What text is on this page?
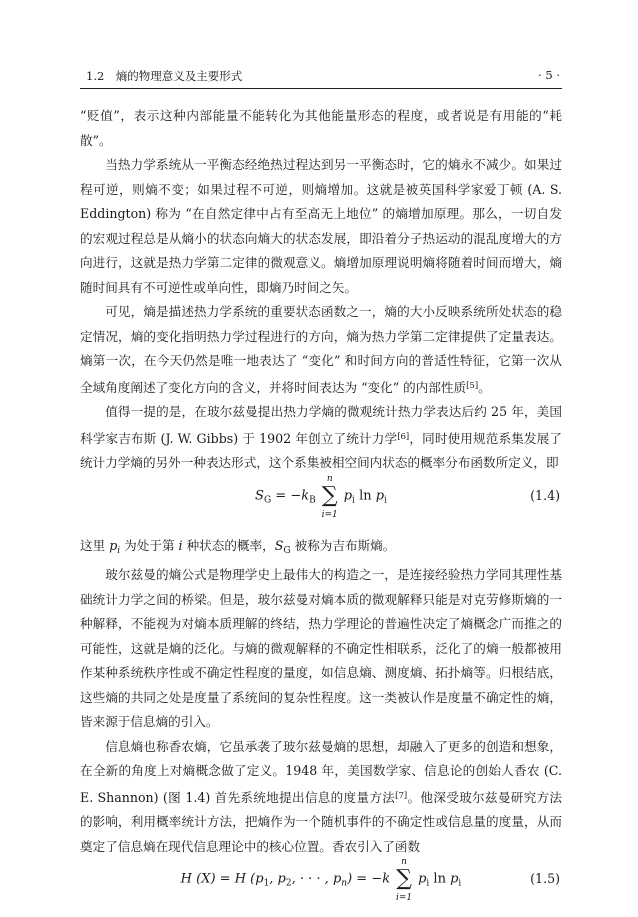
1.2　熵的物理意义及主要形式	· 5 ·

“贬值”，表示这种内部能量不能转化为其他能量形态的程度，或者说是有用能的“耗散”。

当热力学系统从一平衡态经绝热过程达到另一平衡态时，它的熵永不减少。如果过程可逆，则熵不变；如果过程不可逆，则熵增加。这就是被英国科学家爱丁顿 (A. S. Eddington) 称为 “在自然定律中占有至高无上地位” 的熵增加原理。那么，一切自发的宏观过程总是从熵小的状态向熵大的状态发展，即沿着分子热运动的混乱度增大的方向进行，这就是热力学第二定律的微观意义。熵增加原理说明熵将随着时间而增大，熵随时间具有不可逆性或单向性，即熵乃时间之矢。

可见，熵是描述热力学系统的重要状态函数之一，熵的大小反映系统所处状态的稳定情况，熵的变化指明热力学过程进行的方向，熵为热力学第二定律提供了定量表达。熵第一次，在今天仍然是唯一地表达了 “变化” 和时间方向的普适性特征，它第一次从全域角度阐述了变化方向的含义，并将时间表达为 “变化” 的内部性质[5]。

值得一提的是，在玻尔兹曼提出热力学熵的微观统计热力学表达后约 25 年，美国科学家吉布斯 (J. W. Gibbs) 于 1902 年创立了统计力学[6]，同时使用规范系集发展了统计力学熵的另外一种表达形式，这个系集被相空间内状态的概率分布函数所定义，即

$S_G = -k_B$ ∑
n
i=1
$p_i$ $\ln p_i$	(1.4)

这里 $p_i$ 为处于第 i 种状态的概率，$S_G$ 被称为吉布斯熵。

玻尔兹曼的熵公式是物理学史上最伟大的构造之一，是连接经验热力学同其理性基础统计力学之间的桥梁。但是，玻尔兹曼对熵本质的微观解释只能是对克劳修斯熵的一种解释，不能视为对熵本质理解的终结，热力学理论的普遍性决定了熵概念广而推之的可能性，这就是熵的泛化。与熵的微观解释的不确定性相联系，泛化了的熵一般都被用作某种系统秩序性或不确定性程度的量度，如信息熵、测度熵、拓扑熵等。归根结底，这些熵的共同之处是度量了系统间的复杂性程度。这一类被认作是度量不确定性的熵，皆来源于信息熵的引入。

信息熵也称香农熵，它虽承袭了玻尔兹曼熵的思想，却融入了更多的创造和想象，在全新的角度上对熵概念做了定义。1948 年，美国数学家、信息论的创始人香农 (C. E. Shannon) (图 1.4) 首先系统地提出信息的度量方法[7]。他深受玻尔兹曼研究方法的影响，利用概率统计方法，把熵作为一个随机事件的不确定性或信息量的度量，从而奠定了信息熵在现代信息理论中的核心位置。香农引入了函数

H (X) = H ($p_1$, $p_2$, · · · , $p_n) = -k$ ∑
n
i=1
$p_i$ $\ln p_i$	(1.5)
